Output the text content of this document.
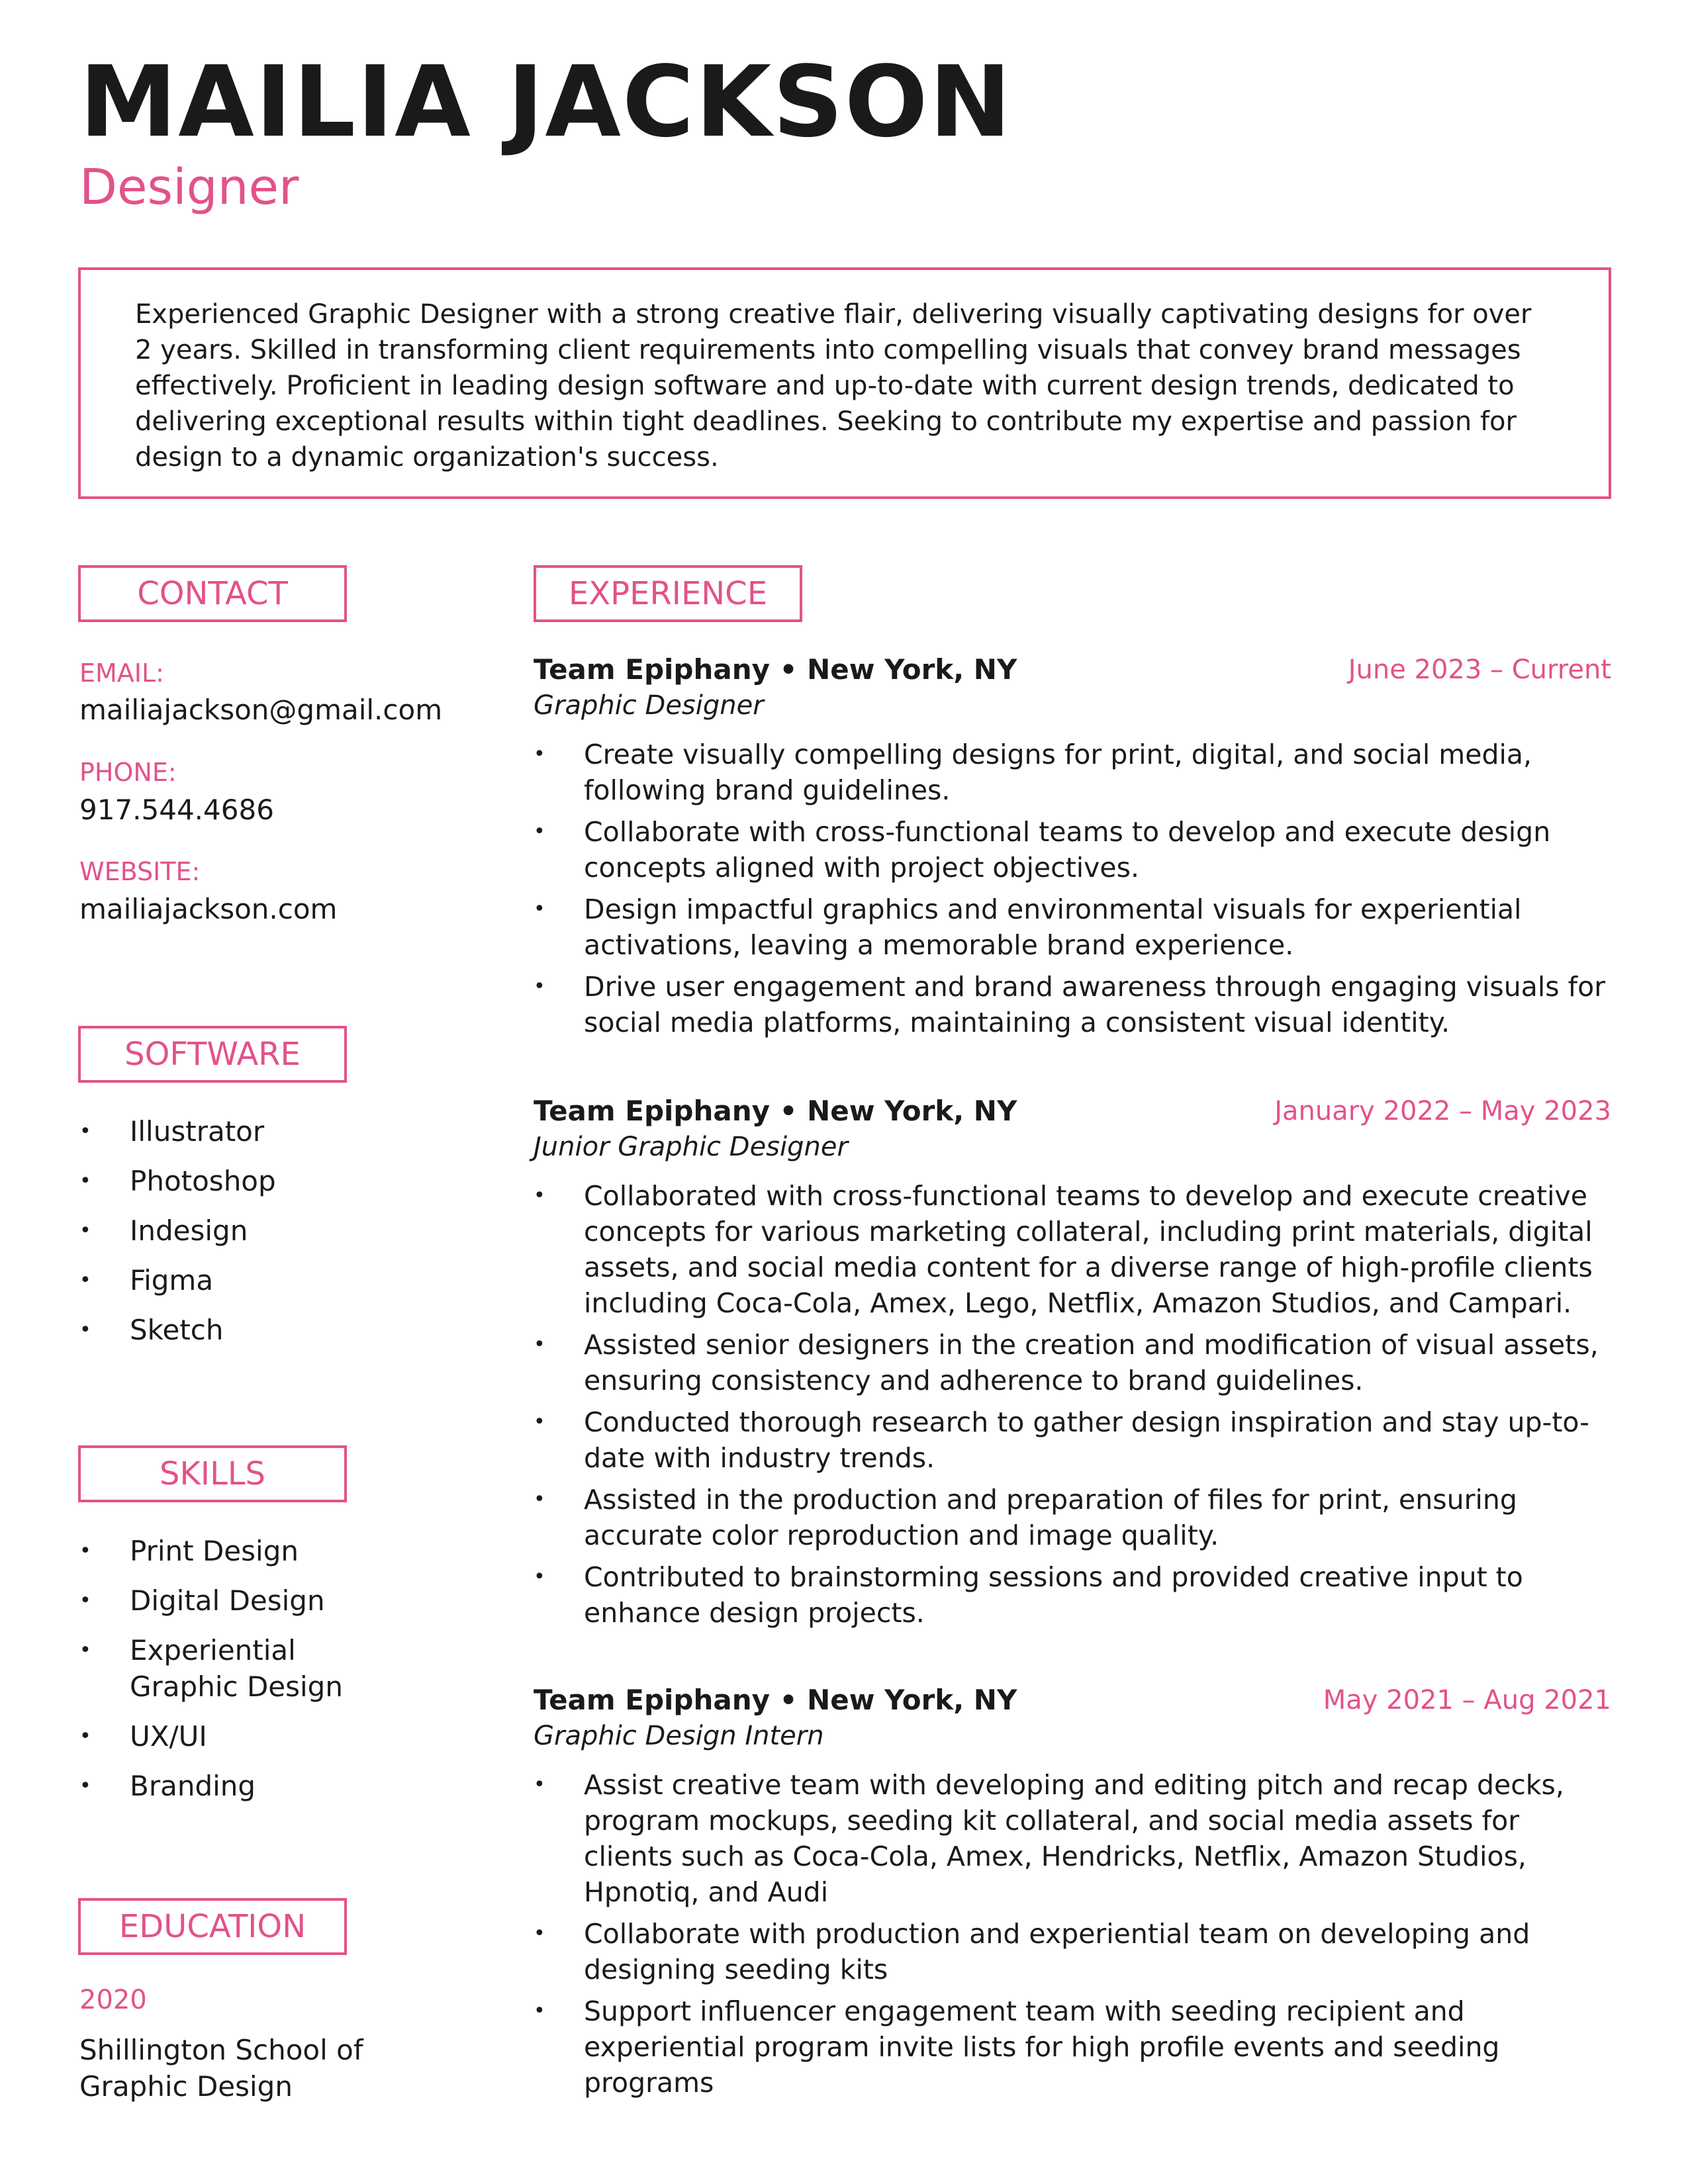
MAILIA JACKSON
Designer

Experienced Graphic Designer with a strong creative flair, delivering visually captivating designs for over 2 years. Skilled in transforming client requirements into compelling visuals that convey brand messages effectively. Proficient in leading design software and up-to-date with current design trends, dedicated to delivering exceptional results within tight deadlines. Seeking to contribute my expertise and passion for design to a dynamic organization's success.

CONTACT
EMAIL:
mailiajackson@gmail.com
PHONE:
917.544.4686
WEBSITE:
mailiajackson.com
SOFTWARE
• Illustrator
• Photoshop
• Indesign
• Figma
• Sketch
SKILLS
• Print Design
• Digital Design
• Experiential Graphic Design
• UX/UI
• Branding
EDUCATION
2020
Shillington School of Graphic Design
EXPERIENCE
Team Epiphany • New York, NY	June 2023 – Current
Graphic Designer
• Create visually compelling designs for print, digital, and social media, following brand guidelines.
• Collaborate with cross-functional teams to develop and execute design concepts aligned with project objectives.
• Design impactful graphics and environmental visuals for experiential activations, leaving a memorable brand experience.
• Drive user engagement and brand awareness through engaging visuals for social media platforms, maintaining a consistent visual identity.
Team Epiphany • New York, NY	January 2022 – May 2023
Junior Graphic Designer
• Collaborated with cross-functional teams to develop and execute creative concepts for various marketing collateral, including print materials, digital assets, and social media content for a diverse range of high-profile clients including Coca-Cola, Amex, Lego, Netflix, Amazon Studios, and Campari.
• Assisted senior designers in the creation and modification of visual assets, ensuring consistency and adherence to brand guidelines.
• Conducted thorough research to gather design inspiration and stay up-to-date with industry trends.
• Assisted in the production and preparation of files for print, ensuring accurate color reproduction and image quality.
• Contributed to brainstorming sessions and provided creative input to enhance design projects.
Team Epiphany • New York, NY	May 2021 – Aug 2021
Graphic Design Intern
• Assist creative team with developing and editing pitch and recap decks, program mockups, seeding kit collateral, and social media assets for clients such as Coca-Cola, Amex, Hendricks, Netflix, Amazon Studios, Hpnotiq, and Audi
• Collaborate with production and experiential team on developing and designing seeding kits
• Support influencer engagement team with seeding recipient and experiential program invite lists for high profile events and seeding programs
